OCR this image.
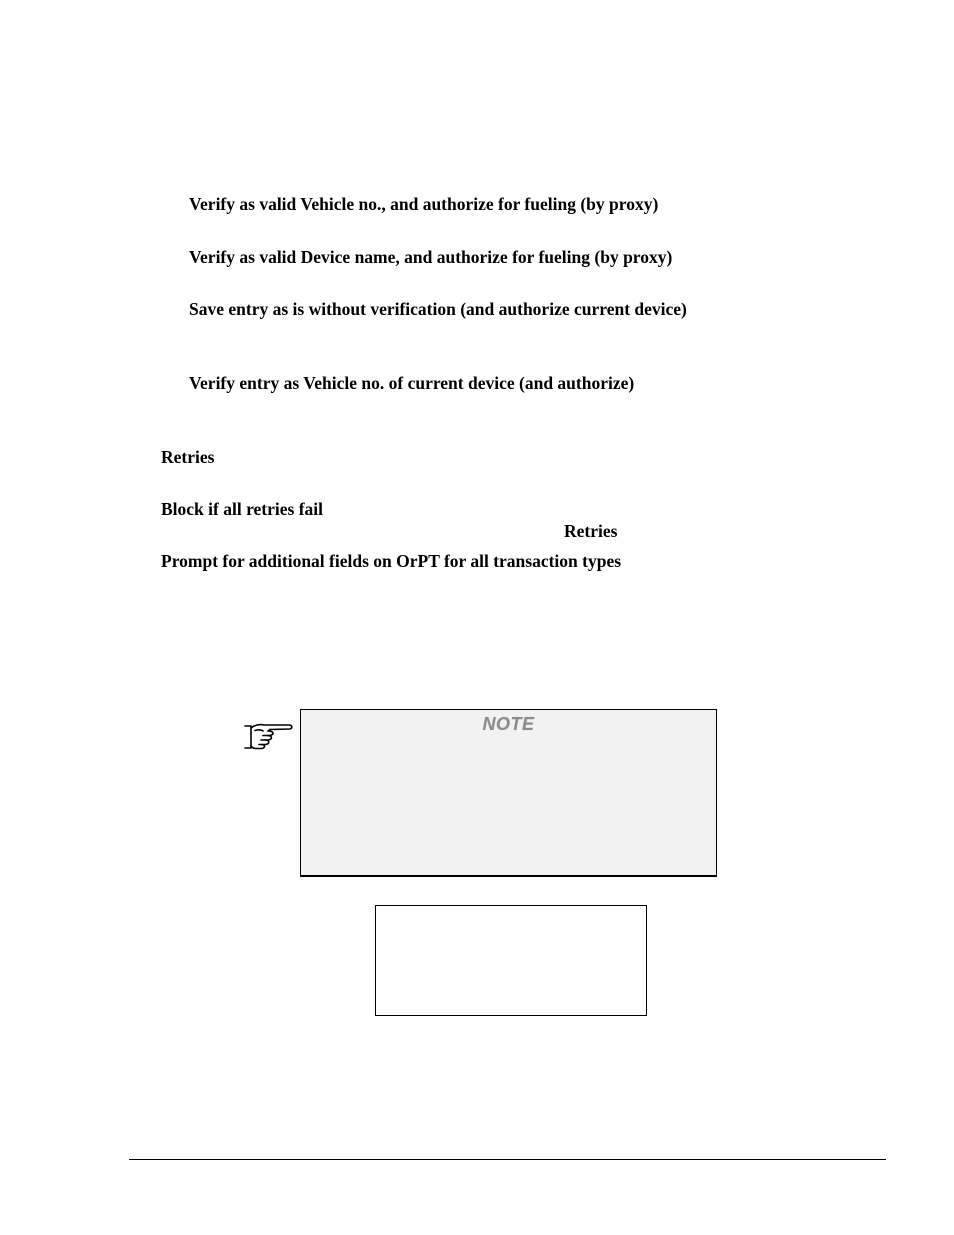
Verify as valid Vehicle no., and authorize for fueling (by proxy)
Verify as valid Device name, and authorize for fueling (by proxy)
Save entry as is without verification (and authorize current device)
Verify entry as Vehicle no. of current device (and authorize)
Retries
Block if all retries fail
Retries
Prompt for additional fields on OrPT for all transaction types
NOTE
